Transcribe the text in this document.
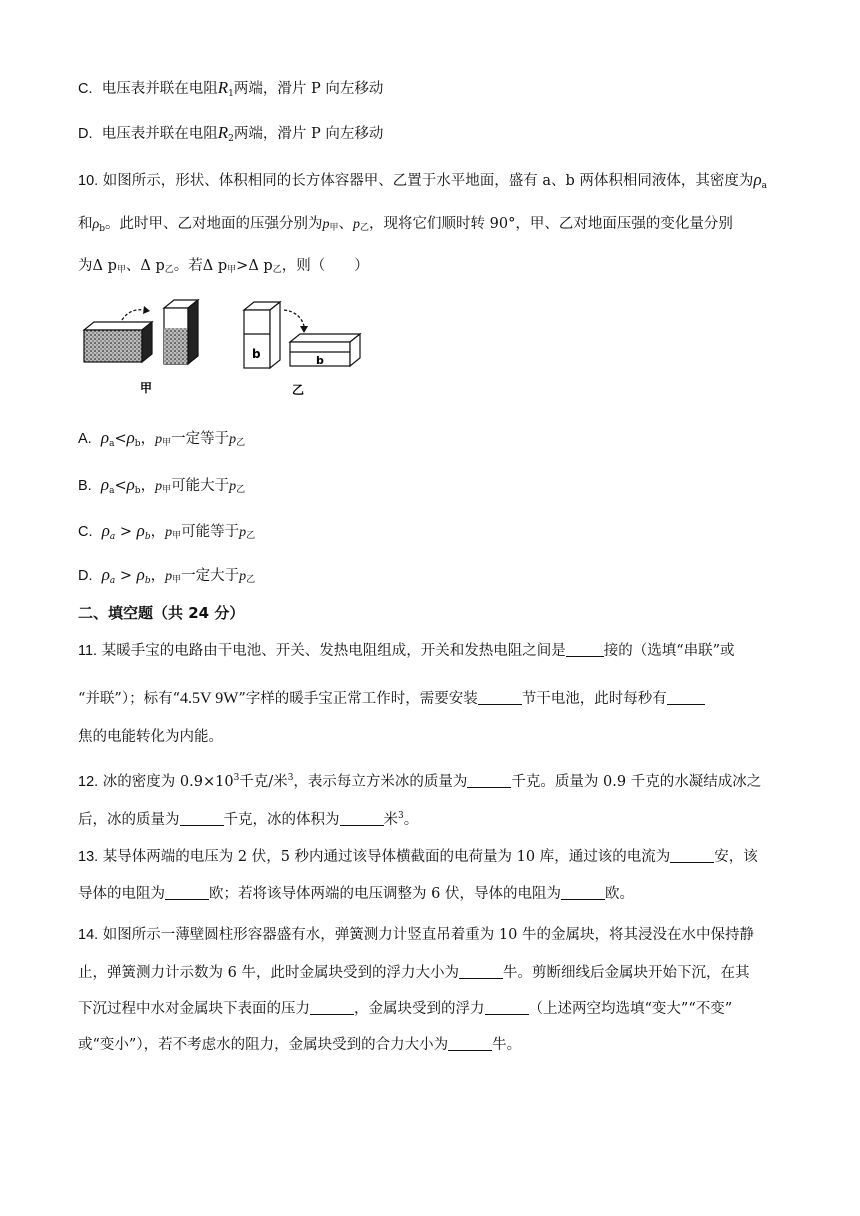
C. 电压表并联在电阻$R_1$两端，滑片 P 向左移动
D. 电压表并联在电阻$R_2$两端，滑片 P 向左移动
10. 如图所示，形状、体积相同的长方体容器甲、乙置于水平地面，盛有 a、b 两体积相同液体，其密度为$\rho_a$
和$\rho_b$。此时甲、乙对地面的压强分别为p甲、p乙，现将它们顺时转 90°，甲、乙对地面压强的变化量分别
为Δ p甲、Δ p乙。若Δ p甲>Δ p乙，则（　　）
甲
b	b
乙
A. $\rho_a<\rho_b$，p甲一定等于p乙
B. $\rho_a<\rho_b$，p甲可能大于p乙
C. $\rho_a > \rho_b$，p甲可能等于p乙
D. $\rho_a > \rho_b$，p甲一定大于p乙
二、填空题（共 24 分）
11. 某暖手宝的电路由干电池、开关、发热电阻组成，开关和发热电阻之间是	接的（选填“串联”或
“并联”）；标有“4.5V 9W”字样的暖手宝正常工作时，需要安装	节干电池，此时每秒有
焦的电能转化为内能。
12. 冰的密度为 $0.9\times 10^3$千克/米$^3$，表示每立方米冰的质量为	千克。质量为 0.9 千克的水凝结成冰之
后，冰的质量为	千克，冰的体积为	米$^3$。
13. 某导体两端的电压为 2 伏，5 秒内通过该导体横截面的电荷量为 10 库，通过该的电流为	安，该
导体的电阻为	欧；若将该导体两端的电压调整为 6 伏，导体的电阻为	欧。
14. 如图所示一薄壁圆柱形容器盛有水，弹簧测力计竖直吊着重为 10 牛的金属块，将其浸没在水中保持静
止，弹簧测力计示数为 6 牛，此时金属块受到的浮力大小为	牛。剪断细线后金属块开始下沉，在其
下沉过程中水对金属块下表面的压力	，金属块受到的浮力	（上述两空均选填“变大”“不变”
或“变小”），若不考虑水的阻力，金属块受到的合力大小为	牛。
